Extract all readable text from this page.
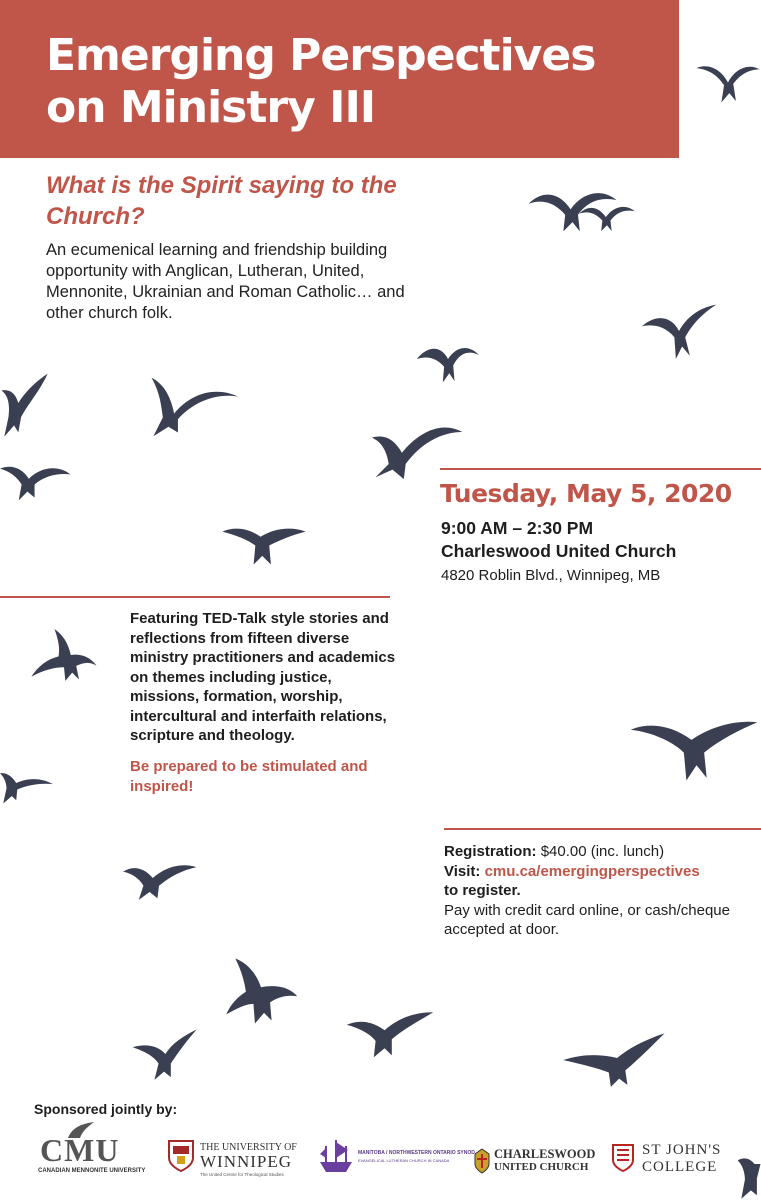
Emerging Perspectives
on Ministry III
What is the Spirit saying to the Church?
An ecumenical learning and friendship building opportunity with Anglican, Lutheran, United, Mennonite, Ukrainian and Roman Catholic… and other church folk.
Tuesday, May 5, 2020
9:00 AM – 2:30 PM
Charleswood United Church
4820 Roblin Blvd., Winnipeg, MB
Featuring TED-Talk style stories and reflections from fifteen diverse ministry practitioners and academics on themes including justice, missions, formation, worship, intercultural and interfaith relations, scripture and theology.
Be prepared to be stimulated and inspired!
Registration: $40.00 (inc. lunch)
Visit: cmu.ca/emergingperspectives
to register.
Pay with credit card online, or cash/cheque accepted at door.
Sponsored jointly by:
CMU
CANADIAN MENNONITE UNIVERSITY
THE UNIVERSITY OF
WINNIPEG
The United Centre for Theological Studies
MANITOBA / NORTHWESTERN ONTARIO SYNOD
EVANGELICAL LUTHERAN CHURCH IN CANADA	CHARLESWOOD
UNITED CHURCH
ST JOHN'S
COLLEGE
